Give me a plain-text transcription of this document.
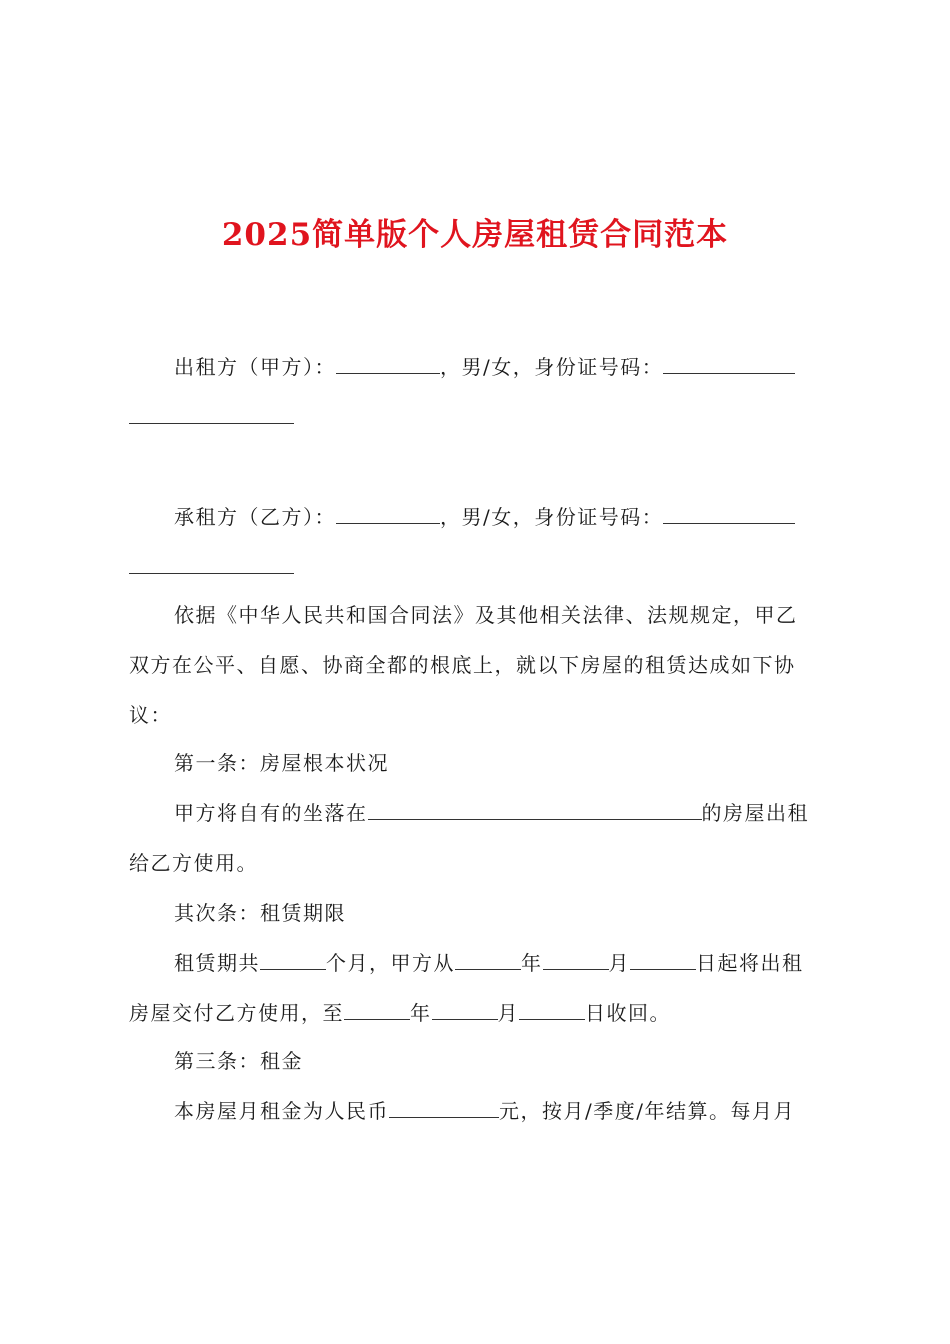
2025简单版个人房屋租赁合同范本
出租方（甲方）：	，男/女，身份证号码：
承租方（乙方）：	，男/女，身份证号码：
依据《中华人民共和国合同法》及其他相关法律、法规规定，甲乙
双方在公平、自愿、协商全都的根底上，就以下房屋的租赁达成如下协
议：
第一条：房屋根本状况
甲方将自有的坐落在	的房屋出租
给乙方使用。
其次条：租赁期限
租赁期共	个月，甲方从	年	月	日起将出租
房屋交付乙方使用，至	年	月	日收回。
第三条：租金
本房屋月租金为人民币	元，按月/季度/年结算。每月月
